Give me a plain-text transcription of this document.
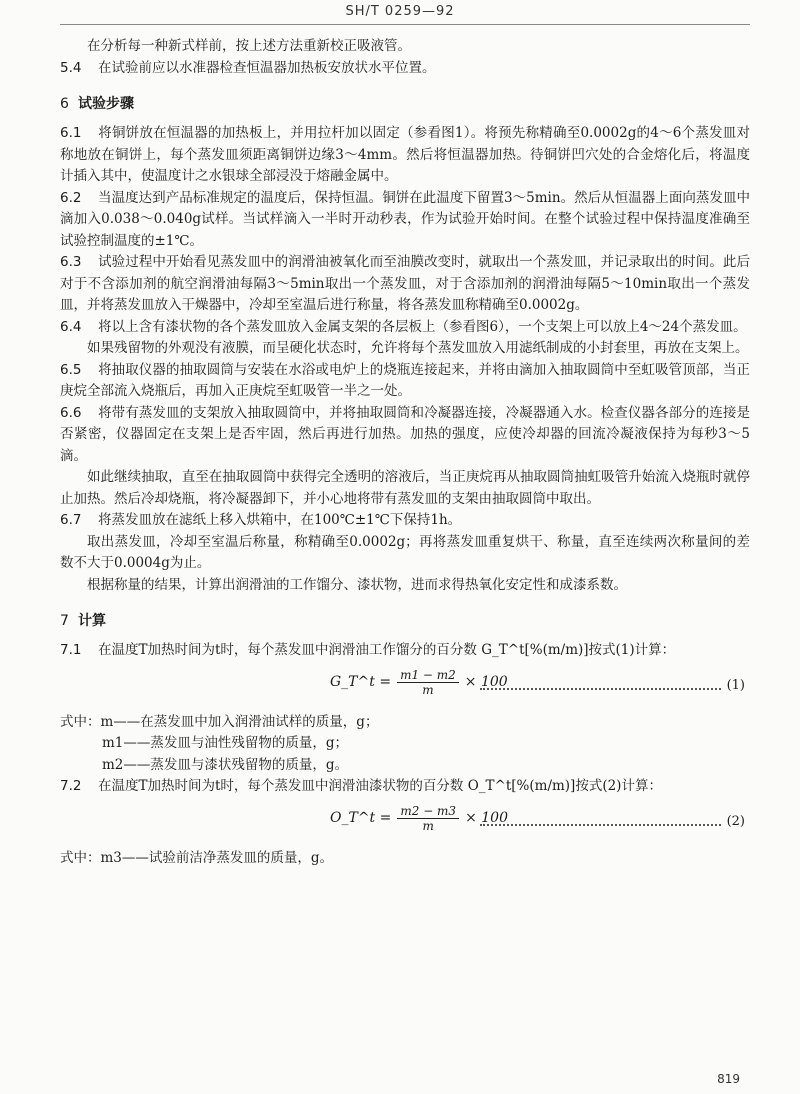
SH/T 0259—92

在分析每一种新式样前，按上述方法重新校正吸液管。

5.4 在试验前应以水准器检查恒温器加热板安放状水平位置。

6 试验步骤

6.1 将铜饼放在恒温器的加热板上，并用拉杆加以固定（参看图1）。将预先称精确至0.0002g的4～6个蒸发皿对称地放在铜饼上，每个蒸发皿须距离铜饼边缘3～4mm。然后将恒温器加热。待铜饼凹穴处的合金熔化后，将温度计插入其中，使温度计之水银球全部浸没于熔融金属中。

6.2 当温度达到产品标准规定的温度后，保持恒温。铜饼在此温度下留置3～5min。然后从恒温器上面向蒸发皿中滴加入0.038～0.040g试样。当试样滴入一半时开动秒表，作为试验开始时间。在整个试验过程中保持温度准确至试验控制温度的±1℃。

6.3 试验过程中开始看见蒸发皿中的润滑油被氧化而至油膜改变时，就取出一个蒸发皿，并记录取出的时间。此后对于不含添加剂的航空润滑油每隔3～5min取出一个蒸发皿，对于含添加剂的润滑油每隔5～10min取出一个蒸发皿，并将蒸发皿放入干燥器中，冷却至室温后进行称量，将各蒸发皿称精确至0.0002g。

6.4 将以上含有漆状物的各个蒸发皿放入金属支架的各层板上（参看图6），一个支架上可以放上4～24个蒸发皿。

如果残留物的外观没有液膜，而呈硬化状态时，允许将每个蒸发皿放入用滤纸制成的小封套里，再放在支架上。

6.5 将抽取仪器的抽取圆筒与安装在水浴或电炉上的烧瓶连接起来，并将由滴加入抽取圆筒中至虹吸管顶部，当正庚烷全部流入烧瓶后，再加入正庚烷至虹吸管一半之一处。

6.6 将带有蒸发皿的支架放入抽取圆筒中，并将抽取圆筒和冷凝器连接，冷凝器通入水。检查仪器各部分的连接是否紧密，仪器固定在支架上是否牢固，然后再进行加热。加热的强度，应使冷却器的回流冷凝液保持为每秒3～5滴。

如此继续抽取，直至在抽取圆筒中获得完全透明的溶液后，当正庚烷再从抽取圆筒抽虹吸管升始流入烧瓶时就停止加热。然后冷却烧瓶，将冷凝器卸下，并小心地将带有蒸发皿的支架由抽取圆筒中取出。

6.7 将蒸发皿放在滤纸上移入烘箱中，在100℃±1℃下保持1h。

取出蒸发皿，冷却至室温后称量，称精确至0.0002g；再将蒸发皿重复烘干、称量，直至连续两次称量间的差数不大于0.0004g为止。

根据称量的结果，计算出润滑油的工作馏分、漆状物，进而求得热氧化安定性和成漆系数。

7 计算

7.1 在温度T加热时间为t时，每个蒸发皿中润滑油工作馏分的百分数 G_T^t[%(m/m)]按式(1)计算：

G_T^t = $\frac{m1 - m2}{m} \times 100$	(1)

式中：m——在蒸发皿中加入润滑油试样的质量，g；

m1——蒸发皿与油性残留物的质量，g；

m2——蒸发皿与漆状残留物的质量，g。

7.2 在温度T加热时间为t时，每个蒸发皿中润滑油漆状物的百分数 O_T^t[%(m/m)]按式(2)计算：

O_T^t = $\frac{m2 - m3}{m} \times 100$	(2)

式中：m3——试验前洁净蒸发皿的质量，g。

819
